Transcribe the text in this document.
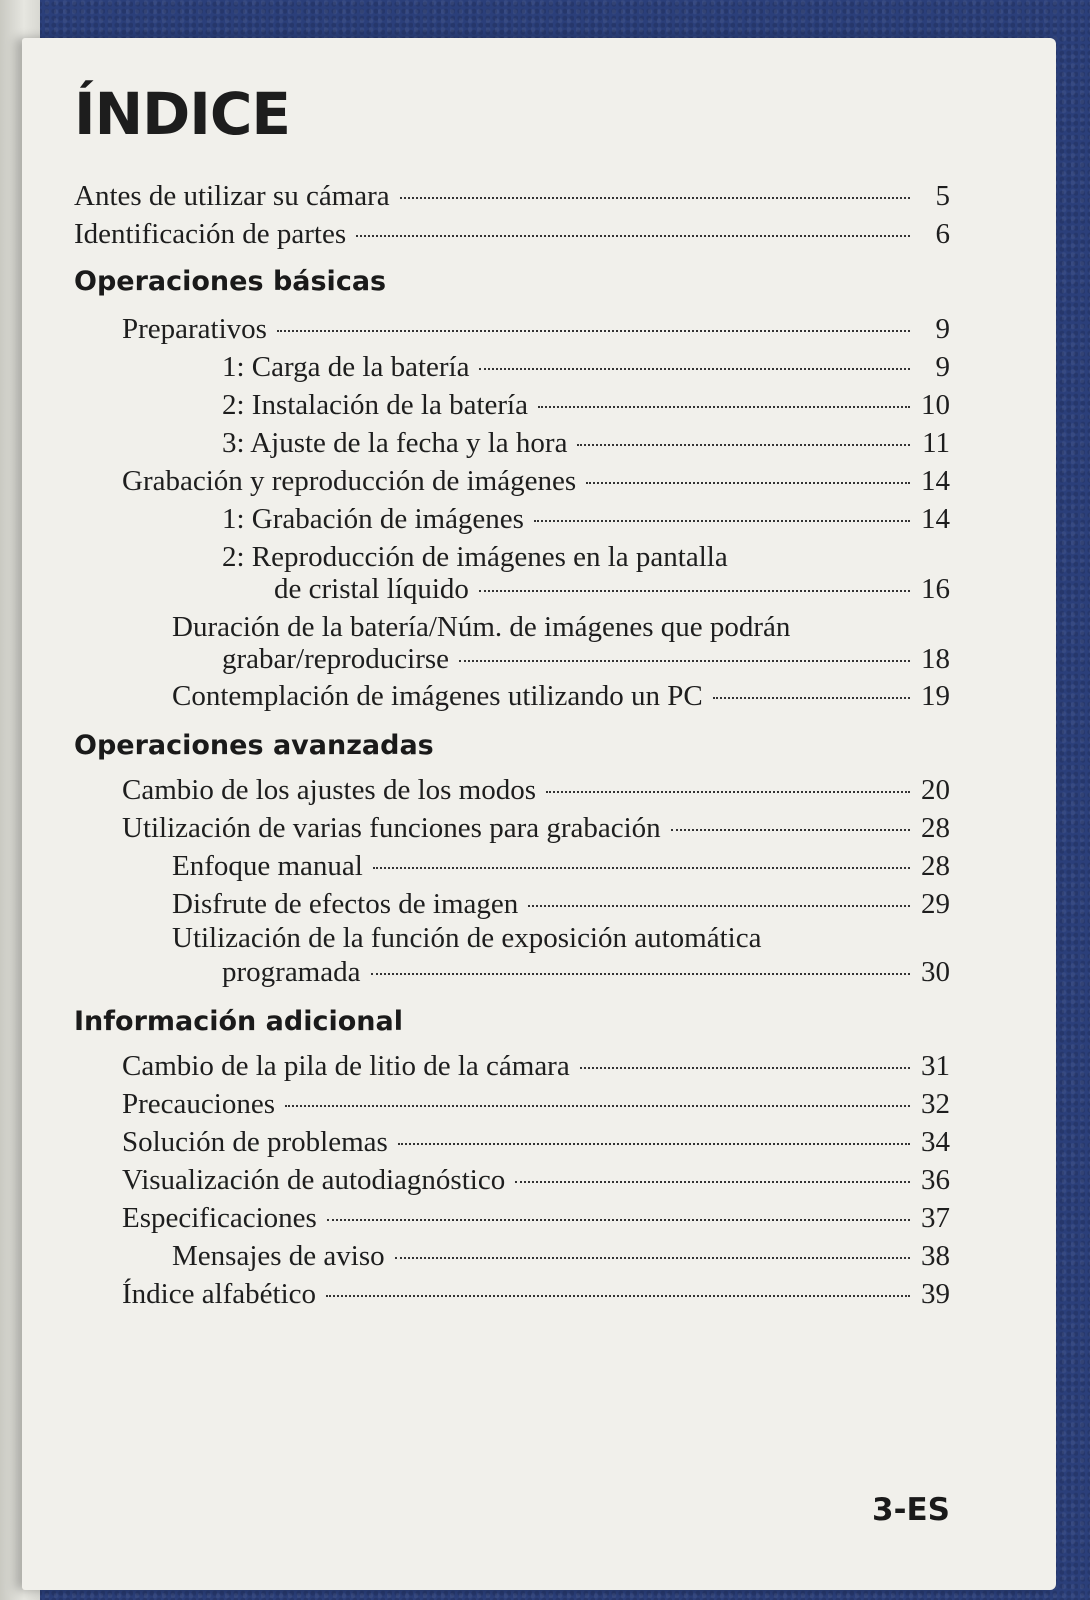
ÍNDICE
Operaciones básicas
Operaciones avanzadas
Información adicional
Antes de utilizar su cámara	5
Identificación de partes	6
Preparativos	9
1: Carga de la batería	9
2: Instalación de la batería	10
3: Ajuste de la fecha y la hora	11
Grabación y reproducción de imágenes	14
1: Grabación de imágenes	14
2: Reproducción de imágenes en la pantalla
de cristal líquido	16
Duración de la batería/Núm. de imágenes que podrán
grabar/reproducirse	18
Contemplación de imágenes utilizando un PC	19
Cambio de los ajustes de los modos	20
Utilización de varias funciones para grabación	28
Enfoque manual	28
Disfrute de efectos de imagen	29
Utilización de la función de exposición automática
programada	30
Cambio de la pila de litio de la cámara	31
Precauciones	32
Solución de problemas	34
Visualización de autodiagnóstico	36
Especificaciones	37
Mensajes de aviso	38
Índice alfabético	39
3-ES
